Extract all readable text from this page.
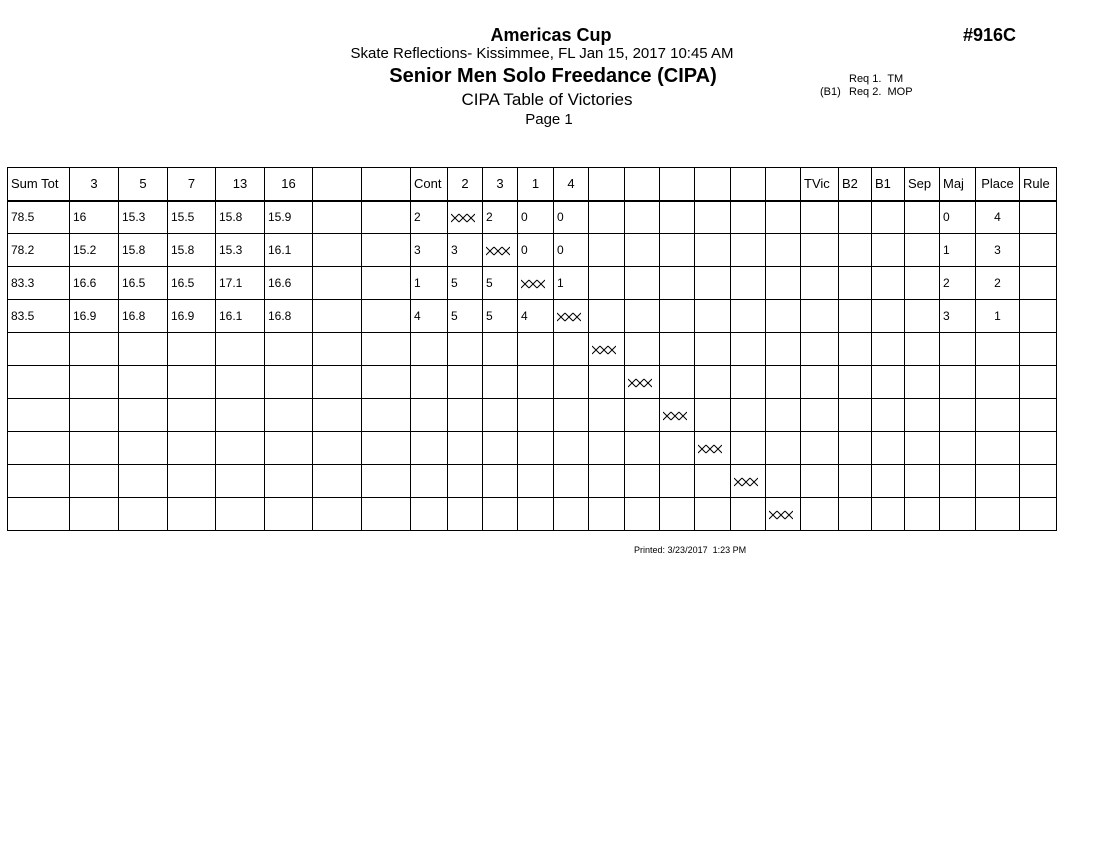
Americas Cup	#916C
Skate Reflections- Kissimmee, FL Jan 15, 2017 10:45 AM
Senior Men Solo Freedance (CIPA)
CIPA Table of Victories
Page 1
Req 1.  TM
(B1) Req 2.  MOP
Sum Tot	3	5	7	13	16			Cont	2	3	1	4							TVic	B2	B1	Sep	Maj	Place	Rule
78.5	16	15.3	15.5	15.8	15.9			2		2	0	0											0	4	
78.2	15.2	15.8	15.8	15.3	16.1			3	3		0	0											1	3	
83.3	16.6	16.5	16.5	17.1	16.6			1	5	5		1											2	2	
83.5	16.9	16.8	16.9	16.1	16.8			4	5	5	4												3	1	

Printed: 3/23/2017  1:23 PM
